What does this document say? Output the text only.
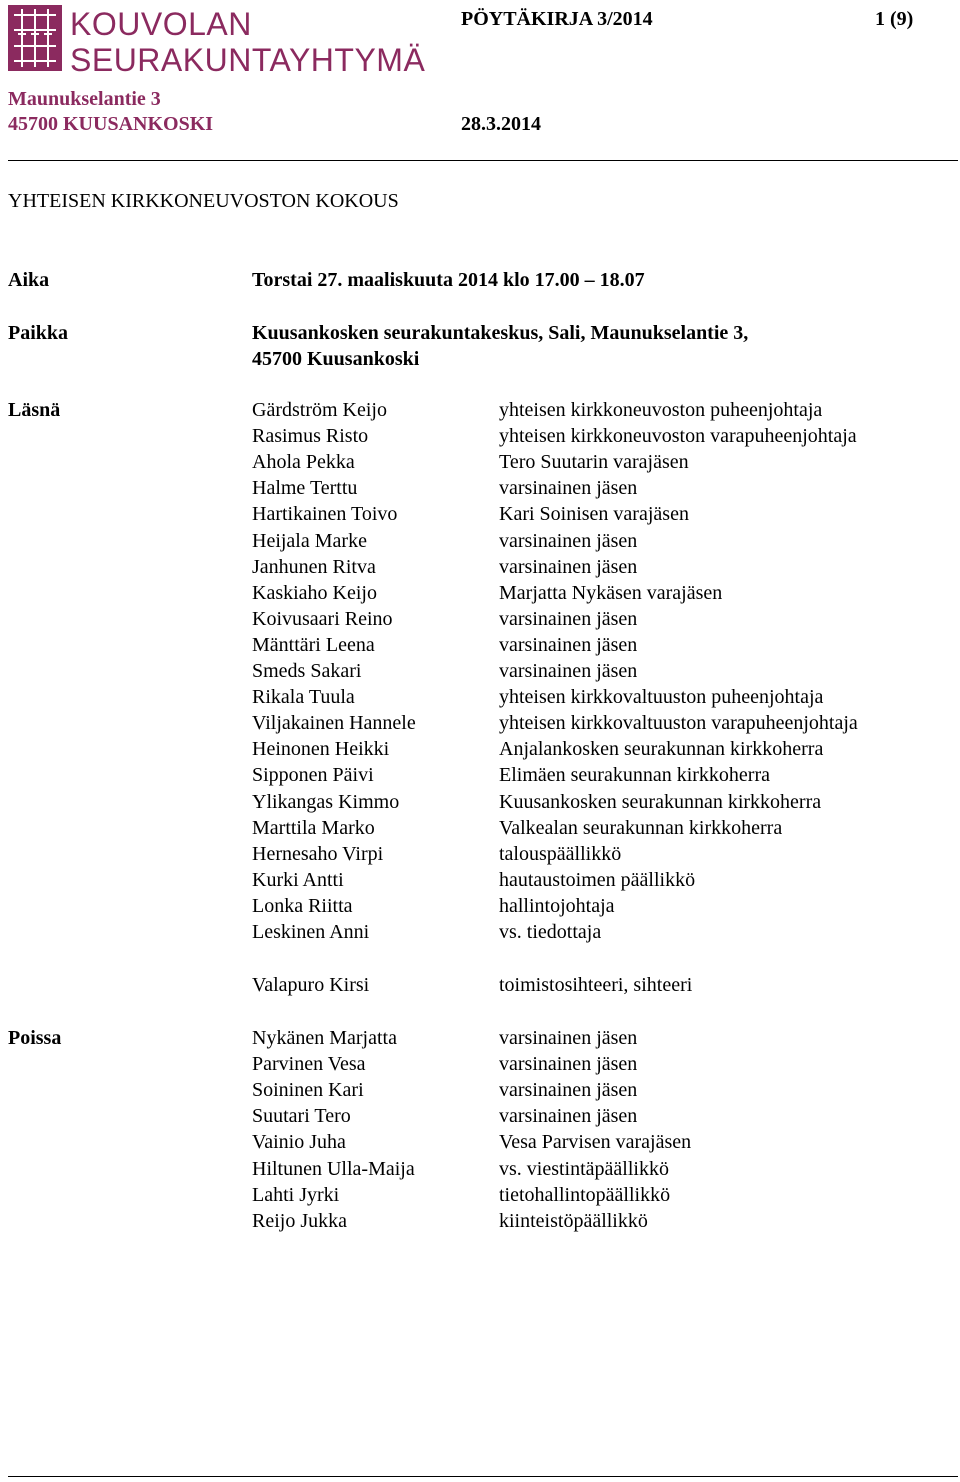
KOUVOLAN
SEURAKUNTAYHTYMÄ
PÖYTÄKIRJA 3/2014	1 (9)
Maunukselantie 3
45700 KUUSANKOSKI	28.3.2014
YHTEISEN KIRKKONEUVOSTON KOKOUS
Aika	Torstai 27. maaliskuuta 2014 klo 17.00 – 18.07
Paikka	Kuusankosken seurakuntakeskus, Sali, Maunukselantie 3,
45700 Kuusankoski
Läsnä	Gärdström Keijo	yhteisen kirkkoneuvoston puheenjohtaja
Rasimus Risto	yhteisen kirkkoneuvoston varapuheenjohtaja
Ahola Pekka	Tero Suutarin varajäsen
Halme Terttu	varsinainen jäsen
Hartikainen Toivo	Kari Soinisen varajäsen
Heijala Marke	varsinainen jäsen
Janhunen Ritva	varsinainen jäsen
Kaskiaho Keijo	Marjatta Nykäsen varajäsen
Koivusaari Reino	varsinainen jäsen
Mänttäri Leena	varsinainen jäsen
Smeds Sakari	varsinainen jäsen
Rikala Tuula	yhteisen kirkkovaltuuston puheenjohtaja
Viljakainen Hannele	yhteisen kirkkovaltuuston varapuheenjohtaja
Heinonen Heikki	Anjalankosken seurakunnan kirkkoherra
Sipponen Päivi	Elimäen seurakunnan kirkkoherra
Ylikangas Kimmo	Kuusankosken seurakunnan kirkkoherra
Marttila Marko	Valkealan seurakunnan kirkkoherra
Hernesaho Virpi	talouspäällikkö
Kurki Antti	hautaustoimen päällikkö
Lonka Riitta	hallintojohtaja
Leskinen Anni	vs. tiedottaja
Valapuro Kirsi	toimistosihteeri, sihteeri
Poissa	Nykänen Marjatta	varsinainen jäsen
Parvinen Vesa	varsinainen jäsen
Soininen Kari	varsinainen jäsen
Suutari Tero	varsinainen jäsen
Vainio Juha	Vesa Parvisen varajäsen
Hiltunen Ulla-Maija	vs. viestintäpäällikkö
Lahti Jyrki	tietohallintopäällikkö
Reijo Jukka	kiinteistöpäällikkö
